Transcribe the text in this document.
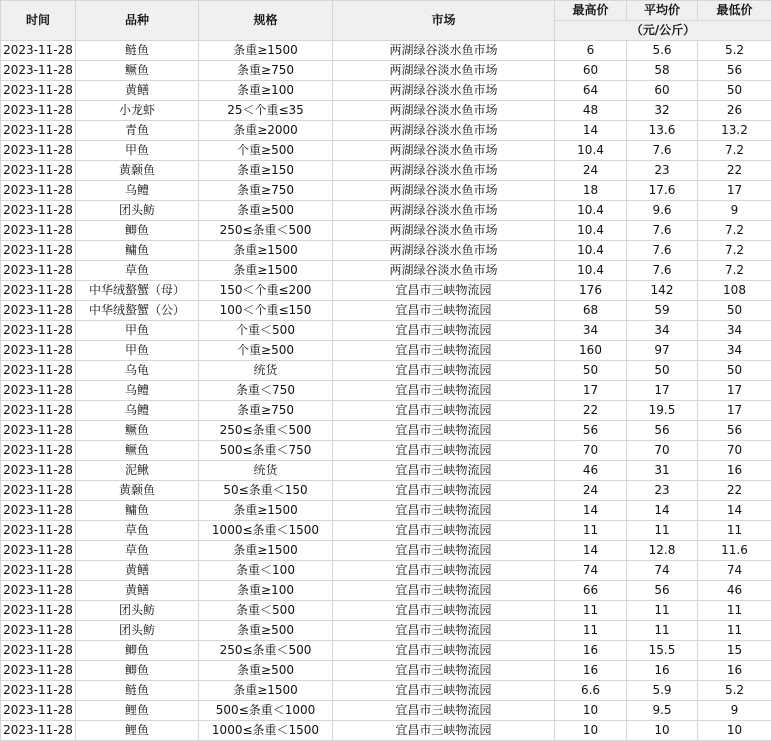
时间	品种	规格	市场	最高价	平均价	最低价
				（元/公斤）		
2023-11-28	鲢鱼	条重≥1500	两湖绿谷淡水鱼市场	6	5.6	5.2
2023-11-28	鳜鱼	条重≥750	两湖绿谷淡水鱼市场	60	58	56
2023-11-28	黄鳝	条重≥100	两湖绿谷淡水鱼市场	64	60	50
2023-11-28	小龙虾	25＜个重≤35	两湖绿谷淡水鱼市场	48	32	26
2023-11-28	青鱼	条重≥2000	两湖绿谷淡水鱼市场	14	13.6	13.2
2023-11-28	甲鱼	个重≥500	两湖绿谷淡水鱼市场	10.4	7.6	7.2
2023-11-28	黄颡鱼	条重≥150	两湖绿谷淡水鱼市场	24	23	22
2023-11-28	乌鳢	条重≥750	两湖绿谷淡水鱼市场	18	17.6	17
2023-11-28	团头鲂	条重≥500	两湖绿谷淡水鱼市场	10.4	9.6	9
2023-11-28	鲫鱼	250≤条重＜500	两湖绿谷淡水鱼市场	10.4	7.6	7.2
2023-11-28	鳙鱼	条重≥1500	两湖绿谷淡水鱼市场	10.4	7.6	7.2
2023-11-28	草鱼	条重≥1500	两湖绿谷淡水鱼市场	10.4	7.6	7.2
2023-11-28	中华绒螯蟹（母）	150＜个重≤200	宜昌市三峡物流园	176	142	108
2023-11-28	中华绒螯蟹（公）	100＜个重≤150	宜昌市三峡物流园	68	59	50
2023-11-28	甲鱼	个重＜500	宜昌市三峡物流园	34	34	34
2023-11-28	甲鱼	个重≥500	宜昌市三峡物流园	160	97	34
2023-11-28	乌龟	统货	宜昌市三峡物流园	50	50	50
2023-11-28	乌鳢	条重＜750	宜昌市三峡物流园	17	17	17
2023-11-28	乌鳢	条重≥750	宜昌市三峡物流园	22	19.5	17
2023-11-28	鳜鱼	250≤条重＜500	宜昌市三峡物流园	56	56	56
2023-11-28	鳜鱼	500≤条重＜750	宜昌市三峡物流园	70	70	70
2023-11-28	泥鳅	统货	宜昌市三峡物流园	46	31	16
2023-11-28	黄颡鱼	50≤条重＜150	宜昌市三峡物流园	24	23	22
2023-11-28	鳙鱼	条重≥1500	宜昌市三峡物流园	14	14	14
2023-11-28	草鱼	1000≤条重＜1500	宜昌市三峡物流园	11	11	11
2023-11-28	草鱼	条重≥1500	宜昌市三峡物流园	14	12.8	11.6
2023-11-28	黄鳝	条重＜100	宜昌市三峡物流园	74	74	74
2023-11-28	黄鳝	条重≥100	宜昌市三峡物流园	66	56	46
2023-11-28	团头鲂	条重＜500	宜昌市三峡物流园	11	11	11
2023-11-28	团头鲂	条重≥500	宜昌市三峡物流园	11	11	11
2023-11-28	鲫鱼	250≤条重＜500	宜昌市三峡物流园	16	15.5	15
2023-11-28	鲫鱼	条重≥500	宜昌市三峡物流园	16	16	16
2023-11-28	鲢鱼	条重≥1500	宜昌市三峡物流园	6.6	5.9	5.2
2023-11-28	鲤鱼	500≤条重＜1000	宜昌市三峡物流园	10	9.5	9
2023-11-28	鲤鱼	1000≤条重＜1500	宜昌市三峡物流园	10	10	10
